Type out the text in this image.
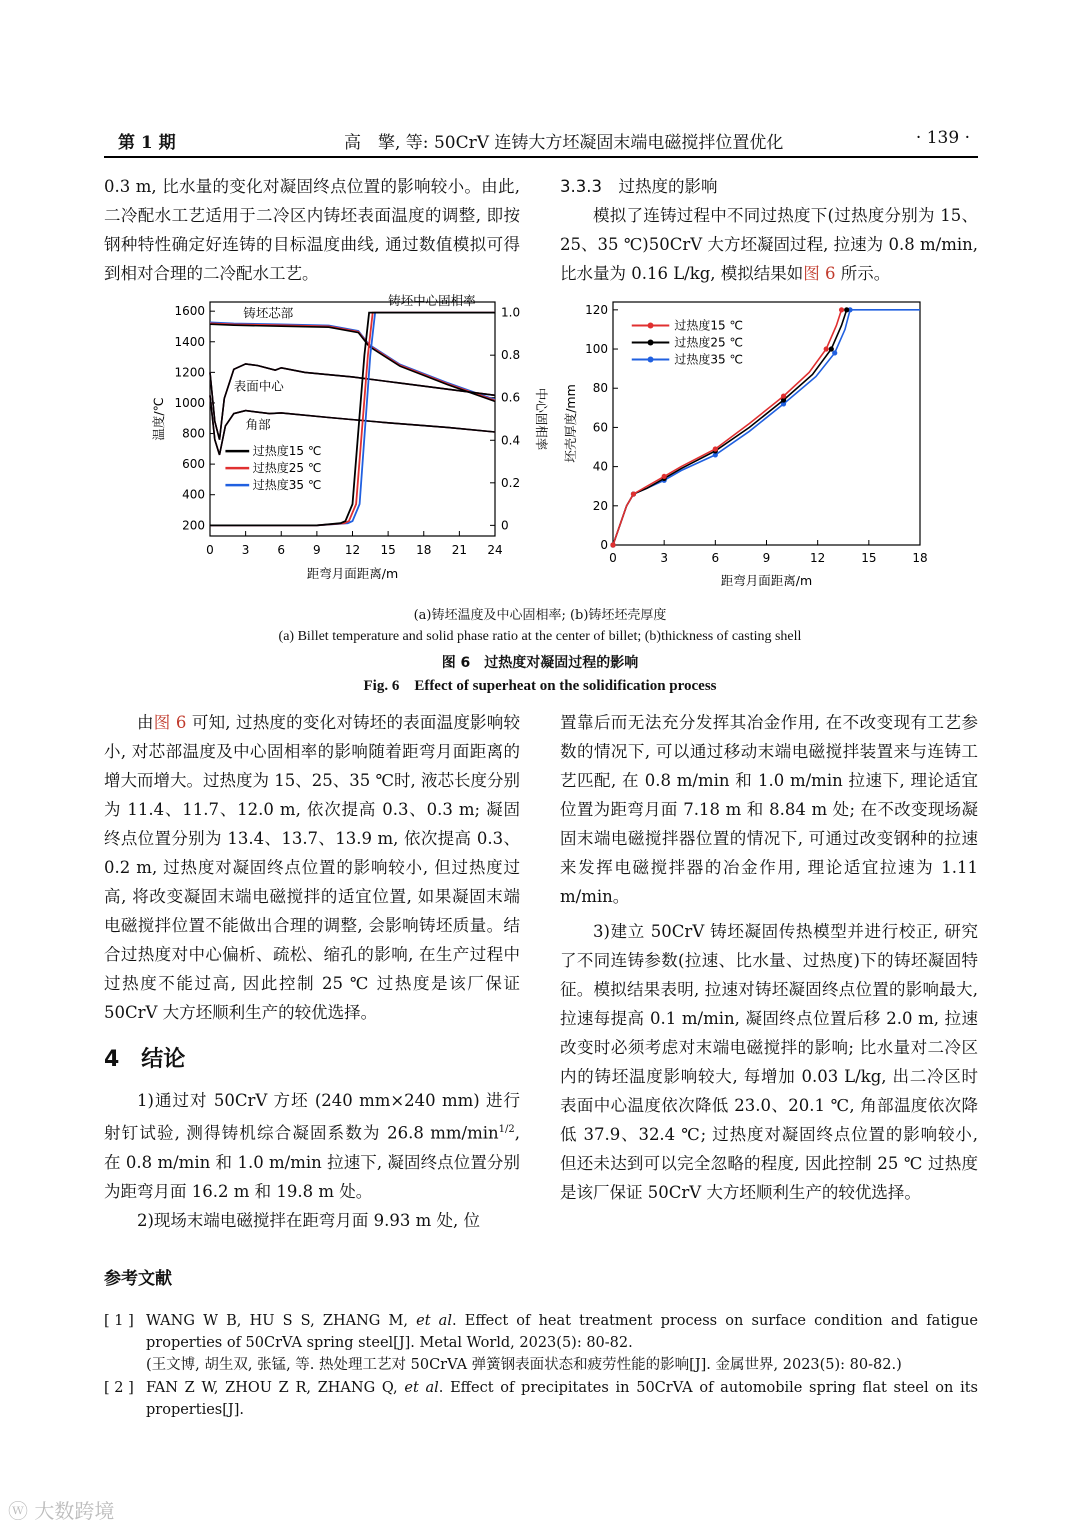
第 1 期	高　擎, 等: 50CrV 连铸大方坯凝固末端电磁搅拌位置优化	· 139 ·

0.3 m, 比水量的变化对凝固终点位置的影响较小。由此, 二冷配水工艺适用于二冷区内铸坯表面温度的调整, 即按钢种特性确定好连铸的目标温度曲线, 通过数值模拟可得到相对合理的二冷配水工艺。

3.3.3　过热度的影响

模拟了连铸过程中不同过热度下(过热度分别为 15、25、35 ℃)50CrV 大方坯凝固过程, 拉速为 0.8 m/min, 比水量为 0.16 L/kg, 模拟结果如图 6 所示。

0 3 6 9 12 15 18 21 24
200
400
600
800
1000
1200
1400
1600
0
0.2
0.4
0.6
0.8
1.0
距弯月面距离/m
温度/℃	中心固相率
铸坯芯部
表面中心
角部
铸坯中心固相率
过热度15 ℃
过热度25 ℃
过热度35 ℃
0	3	6	9	12	15	18
0
20
40
60
80
100
120
距弯月面距离/m
坯壳厚度/mm
过热度15 ℃
过热度25 ℃
过热度35 ℃
(a)铸坯温度及中心固相率; (b)铸坯坯壳厚度
(a) Billet temperature and solid phase ratio at the center of billet; (b)thickness of casting shell
图 6　过热度对凝固过程的影响
Fig. 6　Effect of superheat on the solidification process

由图 6 可知, 过热度的变化对铸坯的表面温度影响较小, 对芯部温度及中心固相率的影响随着距弯月面距离的增大而增大。过热度为 15、25、35 ℃时, 液芯长度分别为 11.4、11.7、12.0 m, 依次提高 0.3、0.3 m; 凝固终点位置分别为 13.4、13.7、13.9 m, 依次提高 0.3、0.2 m, 过热度对凝固终点位置的影响较小, 但过热度过高, 将改变凝固末端电磁搅拌的适宜位置, 如果凝固末端电磁搅拌位置不能做出合理的调整, 会影响铸坯质量。结合过热度对中心偏析、疏松、缩孔的影响, 在生产过程中过热度不能过高, 因此控制 25 ℃ 过热度是该厂保证 50CrV 大方坯顺利生产的较优选择。

4　结论

1)通过对 50CrV 方坯 (240 mm×240 mm) 进行射钉试验, 测得铸机综合凝固系数为 26.8 $mm/\min^{1/2}$, 在 0.8 m/min 和 1.0 m/min 拉速下, 凝固终点位置分别为距弯月面 16.2 m 和 19.8 m 处。

2)现场末端电磁搅拌在距弯月面 9.93 m 处, 位

置靠后而无法充分发挥其冶金作用, 在不改变现有工艺参数的情况下, 可以通过移动末端电磁搅拌装置来与连铸工艺匹配, 在 0.8 m/min 和 1.0 m/min 拉速下, 理论适宜位置为距弯月面 7.18 m 和 8.84 m 处; 在不改变现场凝固末端电磁搅拌器位置的情况下, 可通过改变钢种的拉速来发挥电磁搅拌器的冶金作用, 理论适宜拉速为 1.11 m/min。

3)建立 50CrV 铸坯凝固传热模型并进行校正, 研究了不同连铸参数(拉速、比水量、过热度)下的铸坯凝固特征。模拟结果表明, 拉速对铸坯凝固终点位置的影响最大, 拉速每提高 0.1 m/min, 凝固终点位置后移 2.0 m, 拉速改变时必须考虑对末端电磁搅拌的影响; 比水量对二冷区内的铸坯温度影响较大, 每增加 0.03 L/kg, 出二冷区时表面中心温度依次降低 23.0、20.1 ℃, 角部温度依次降低 37.9、32.4 ℃; 过热度对凝固终点位置的影响较小, 但还未达到可以完全忽略的程度, 因此控制 25 ℃ 过热度是该厂保证 50CrV 大方坯顺利生产的较优选择。

参考文献
[ 1 ] WANG W B, HU S S, ZHANG M, et al. Effect of heat treatment process on surface condition and fatigue properties of 50CrVA spring steel[J]. Metal World, 2023(5): 80-82.
(王文博, 胡生双, 张锰, 等. 热处理工艺对 50CrVA 弹簧钢表面状态和疲劳性能的影响[J]. 金属世界, 2023(5): 80-82.)
[ 2 ] FAN Z W, ZHOU Z R, ZHANG Q, et al. Effect of precipitates in 50CrVA of automobile spring flat steel on its properties[J].
ⓦ 大数跨境
